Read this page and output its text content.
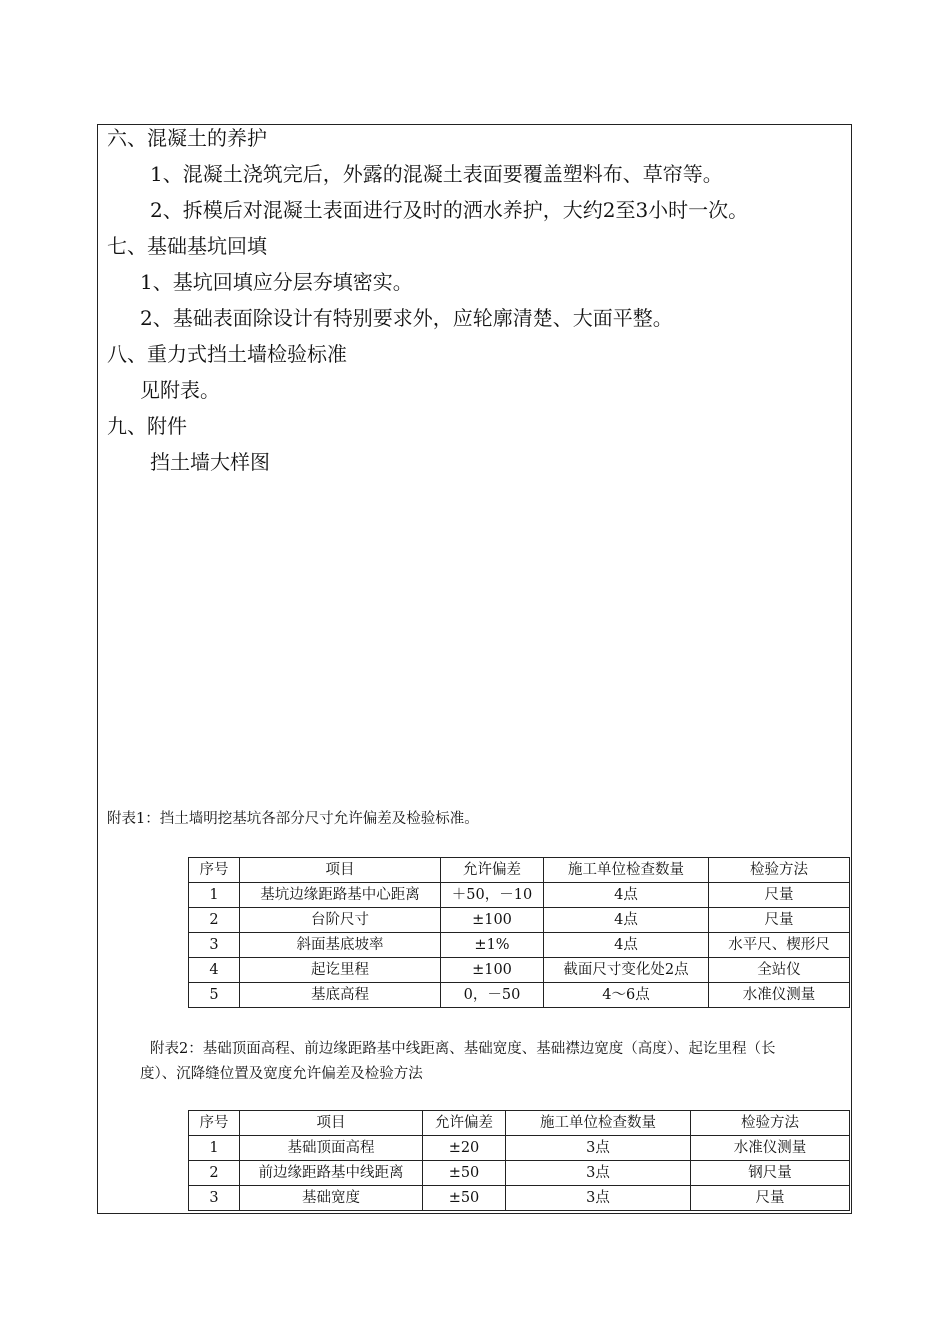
六、混凝土的养护
1、混凝土浇筑完后，外露的混凝土表面要覆盖塑料布、草帘等。
2、拆模后对混凝土表面进行及时的洒水养护，大约2至3小时一次。
七、基础基坑回填
1、基坑回填应分层夯填密实。
2、基础表面除设计有特别要求外，应轮廓清楚、大面平整。
八、重力式挡土墙检验标准
见附表。
九、附件
挡土墙大样图
附表1：挡土墙明挖基坑各部分尺寸允许偏差及检验标准。
序号	项目	允许偏差	施工单位检查数量	检验方法
1	基坑边缘距路基中心距离	＋50，－10	4点	尺量
2	台阶尺寸	±100	4点	尺量
3	斜面基底坡率	±1%	4点	水平尺、楔形尺
4	起讫里程	±100	截面尺寸变化处2点	全站仪
5	基底高程	0，－50	4～6点	水准仪测量
附表2：基础顶面高程、前边缘距路基中线距离、基础宽度、基础襟边宽度（高度）、起讫里程（长
度）、沉降缝位置及宽度允许偏差及检验方法
序号	项目	允许偏差	施工单位检查数量	检验方法
1	基础顶面高程	±20	3点	水准仪测量
2	前边缘距路基中线距离	±50	3点	钢尺量
3	基础宽度	±50	3点	尺量
